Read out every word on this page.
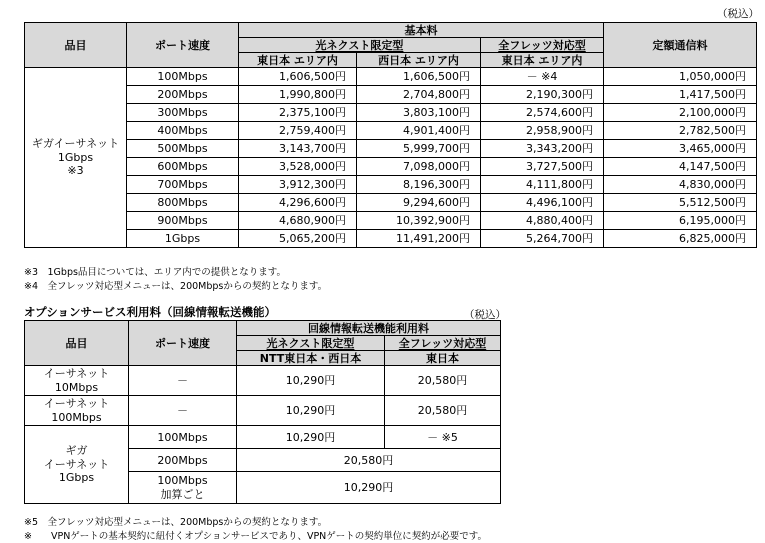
（税込）
品目	ポート速度	基本料			定額通信料
		光ネクスト限定型		全フレッツ対応型	
		東日本 エリア内	西日本 エリア内	東日本 エリア内	

ギガイーサネット
1Gbps
※3	100Mbps	1,606,500円	1,606,500円	－ ※4	1,050,000円
	200Mbps	1,990,800円	2,704,800円	2,190,300円	1,417,500円
	300Mbps	2,375,100円	3,803,100円	2,574,600円	2,100,000円
	400Mbps	2,759,400円	4,901,400円	2,958,900円	2,782,500円
	500Mbps	3,143,700円	5,999,700円	3,343,200円	3,465,000円
	600Mbps	3,528,000円	7,098,000円	3,727,500円	4,147,500円
	700Mbps	3,912,300円	8,196,300円	4,111,800円	4,830,000円
	800Mbps	4,296,600円	9,294,600円	4,496,100円	5,512,500円
	900Mbps	4,680,900円	10,392,900円	4,880,400円	6,195,000円
	1Gbps	5,065,200円	11,491,200円	5,264,700円	6,825,000円
※3　1Gbps品目については、エリア内での提供となります。
※4　全フレッツ対応型メニューは、200Mbpsからの契約となります。
オプションサービス利用料（回線情報転送機能）	（税込）
品目	ポート速度	回線情報転送機能利用料	
		光ネクスト限定型	全フレッツ対応型
		NTT東日本・西日本	東日本

イーサネット
10Mbps	－	10,290円	20,580円

イーサネット
100Mbps	－	10,290円	20,580円

ギガ
イーサネット
1Gbps	100Mbps	10,290円	－ ※5
	200Mbps	20,580円	

	100Mbps
加算ごと	10,290円	
※5　全フレッツ対応型メニューは、200Mbpsからの契約となります。
※　　VPNゲートの基本契約に紐付くオプションサービスであり、VPNゲートの契約単位に契約が必要です。
